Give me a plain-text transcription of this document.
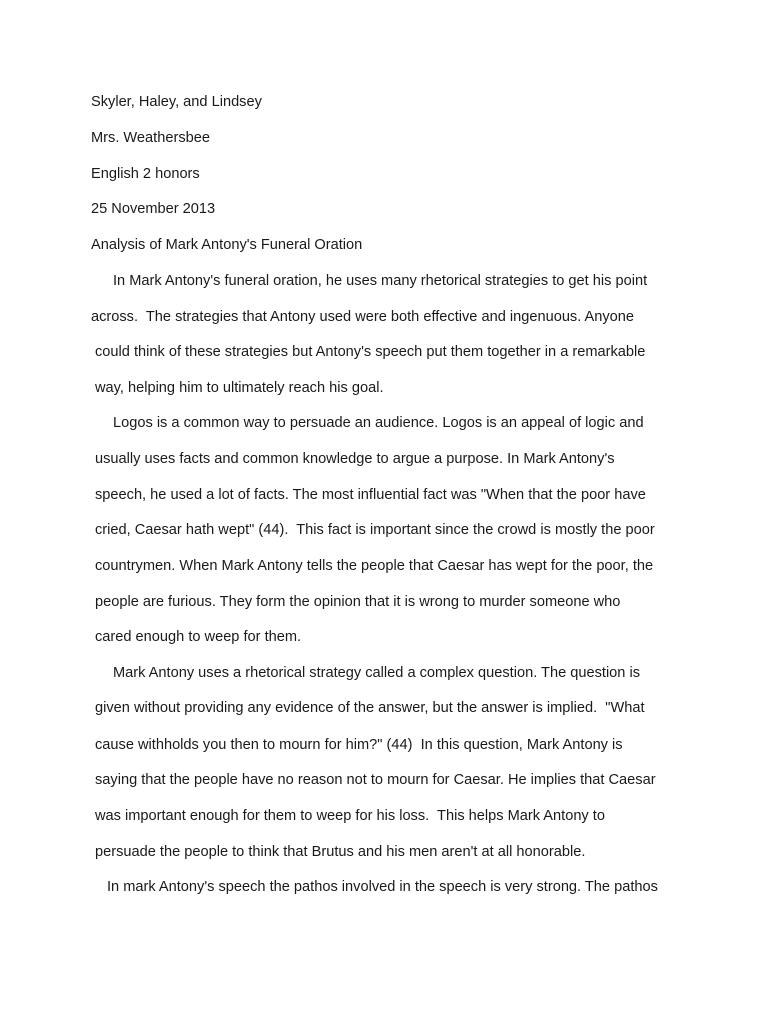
Skyler, Haley, and Lindsey
Mrs. Weathersbee
English 2 honors
25 November 2013
Analysis of Mark Antony's Funeral Oration
In Mark Antony's funeral oration, he uses many rhetorical strategies to get his point
across.  The strategies that Antony used were both effective and ingenuous. Anyone
could think of these strategies but Antony's speech put them together in a remarkable
way, helping him to ultimately reach his goal.
Logos is a common way to persuade an audience. Logos is an appeal of logic and
usually uses facts and common knowledge to argue a purpose. In Mark Antony's
speech, he used a lot of facts. The most influential fact was "When that the poor have
cried, Caesar hath wept" (44).  This fact is important since the crowd is mostly the poor
countrymen. When Mark Antony tells the people that Caesar has wept for the poor, the
people are furious. They form the opinion that it is wrong to murder someone who
cared enough to weep for them.
Mark Antony uses a rhetorical strategy called a complex question. The question is
given without providing any evidence of the answer, but the answer is implied.  "What
cause withholds you then to mourn for him?" (44)  In this question, Mark Antony is
saying that the people have no reason not to mourn for Caesar. He implies that Caesar
was important enough for them to weep for his loss.  This helps Mark Antony to
persuade the people to think that Brutus and his men aren't at all honorable.
In mark Antony's speech the pathos involved in the speech is very strong. The pathos
